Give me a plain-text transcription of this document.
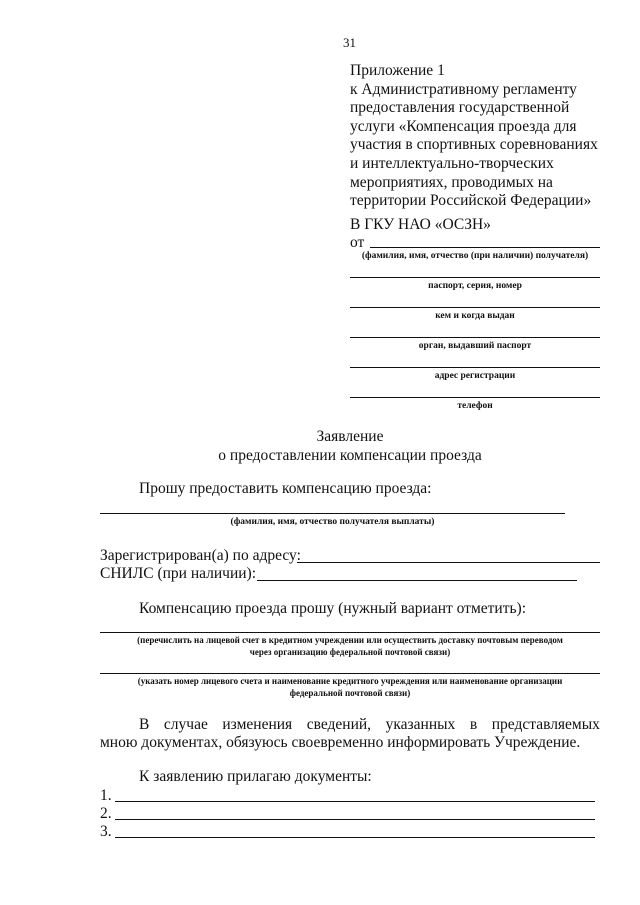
31
Приложение 1
к Административному регламенту
предоставления государственной
услуги «Компенсация проезда для
участия в спортивных соревнованиях
и интеллектуально-творческих
мероприятиях, проводимых на
территории Российской Федерации»
В ГКУ НАО «ОСЗН»
от
(фамилия, имя, отчество (при наличии) получателя)
паспорт, серия, номер
кем и когда выдан
орган, выдавший паспорт
адрес регистрации
телефон
Заявление
о предоставлении компенсации проезда
Прошу предоставить компенсацию проезда:
(фамилия, имя, отчество получателя выплаты)
Зарегистрирован(а) по адресу:
СНИЛС (при наличии):
Компенсацию проезда прошу (нужный вариант отметить):
(перечислить на лицевой счет в кредитном учреждении или осуществить доставку почтовым переводом
через организацию федеральной почтовой связи)
(указать номер лицевого счета и наименование кредитного учреждения или наименование организации
федеральной почтовой связи)
В случае изменения сведений, указанных в представляемых
мною документах, обязуюсь своевременно информировать Учреждение.
К заявлению прилагаю документы:
1.
2.
3.
